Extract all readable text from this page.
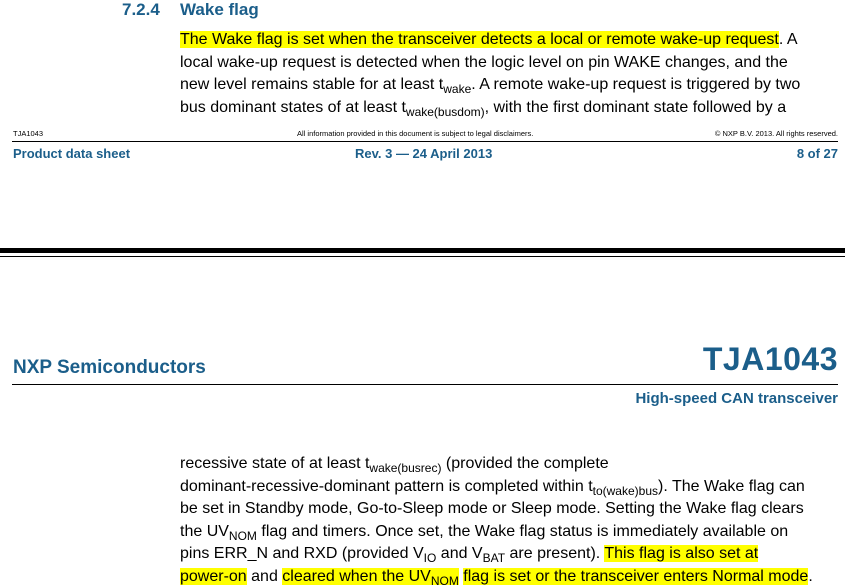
7.2.4 Wake flag
The Wake flag is set when the transceiver detects a local or remote wake-up request. A
local wake-up request is detected when the logic level on pin WAKE changes, and the
new level remains stable for at least $t_{wake}$. A remote wake-up request is triggered by two
bus dominant states of at least $t_{wake(busdom)}$, with the first dominant state followed by a
TJA1043	All information provided in this document is subject to legal disclaimers.	© NXP B.V. 2013. All rights reserved.
Product data sheet	Rev. 3 — 24 April 2013	8 of 27
NXP Semiconductors	TJA1043
High-speed CAN transceiver
recessive state of at least $t_{wake(busrec)}$ (provided the complete
dominant-recessive-dominant pattern is completed within $t_{to(wake)bus}$). The Wake flag can
be set in Standby mode, Go-to-Sleep mode or Sleep mode. Setting the Wake flag clears
the $UV_{NOM}$ flag and timers. Once set, the Wake flag status is immediately available on
pins ERR_N and RXD (provided $V_{IO}$ and $V_{BAT}$ are present). This flag is also set at
power-on and cleared when the $UV_{NOM}$ flag is set or the transceiver enters Normal mode.
